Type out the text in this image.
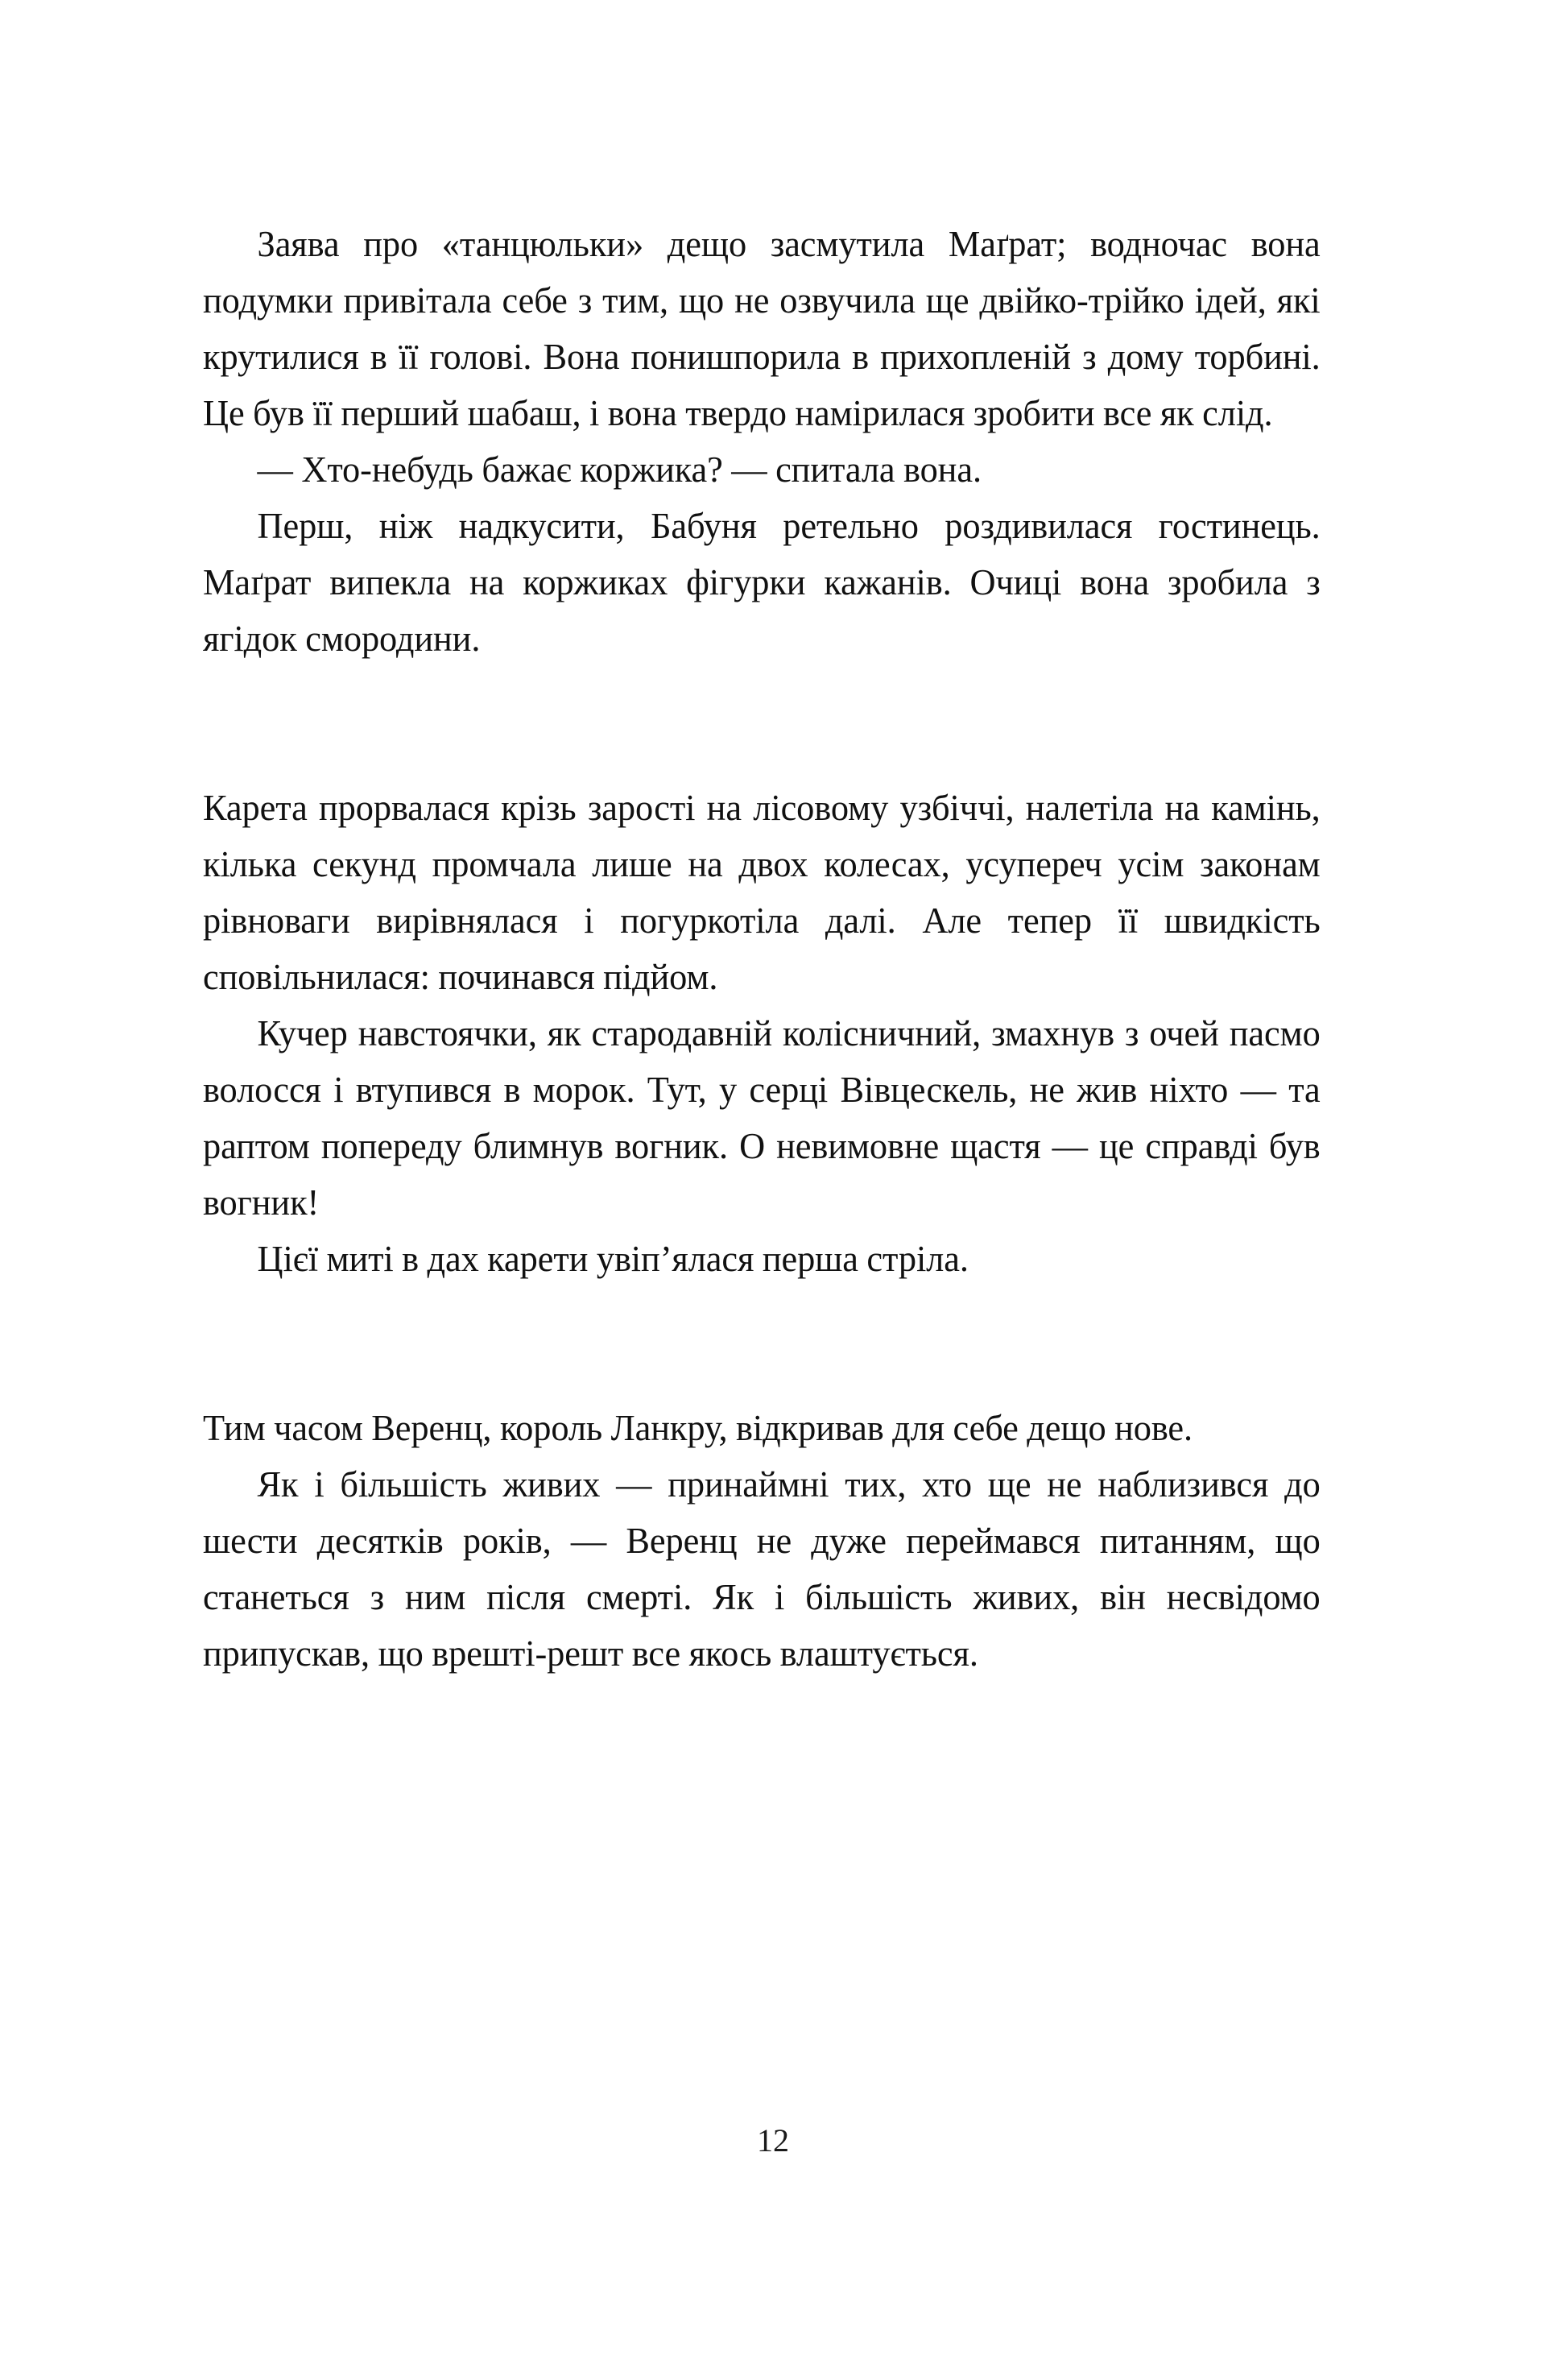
Заява про «танцюльки» дещо засмутила Маґрат; водночас вона подумки привітала себе з тим, що не озвучила ще двійко-трійко ідей, які крутилися в її голові. Вона понишпорила в прихопленій з дому торбині. Це був її перший шабаш, і вона твердо намірилася зробити все як слід.

— Хто-небудь бажає коржика? — спитала вона.

Перш, ніж надкусити, Бабуня ретельно роздивилася гостинець. Маґрат випекла на коржиках фігурки кажанів. Очиці вона зробила з ягідок смородини.

Карета прорвалася крізь зарості на лісовому узбіччі, налетіла на камінь, кілька секунд промчала лише на двох колесах, усупереч усім законам рівноваги вирівнялася і погуркотіла далі. Але тепер її швидкість сповільнилася: починався підйом.

Кучер навстоячки, як стародавній колісничний, змахнув з очей пасмо волосся і втупився в морок. Тут, у серці Вівцескель, не жив ніхто — та раптом попереду блимнув вогник. О невимовне щастя — це справді був вогник!

Цієї миті в дах карети увіп’ялася перша стріла.

Тим часом Веренц, король Ланкру, відкривав для себе дещо нове.

Як і більшість живих — принаймні тих, хто ще не наблизився до шести десятків років, — Веренц не дуже переймався питанням, що станеться з ним після смерті. Як і більшість живих, він несвідомо припускав, що врешті-решт все якось влаштується.

12
